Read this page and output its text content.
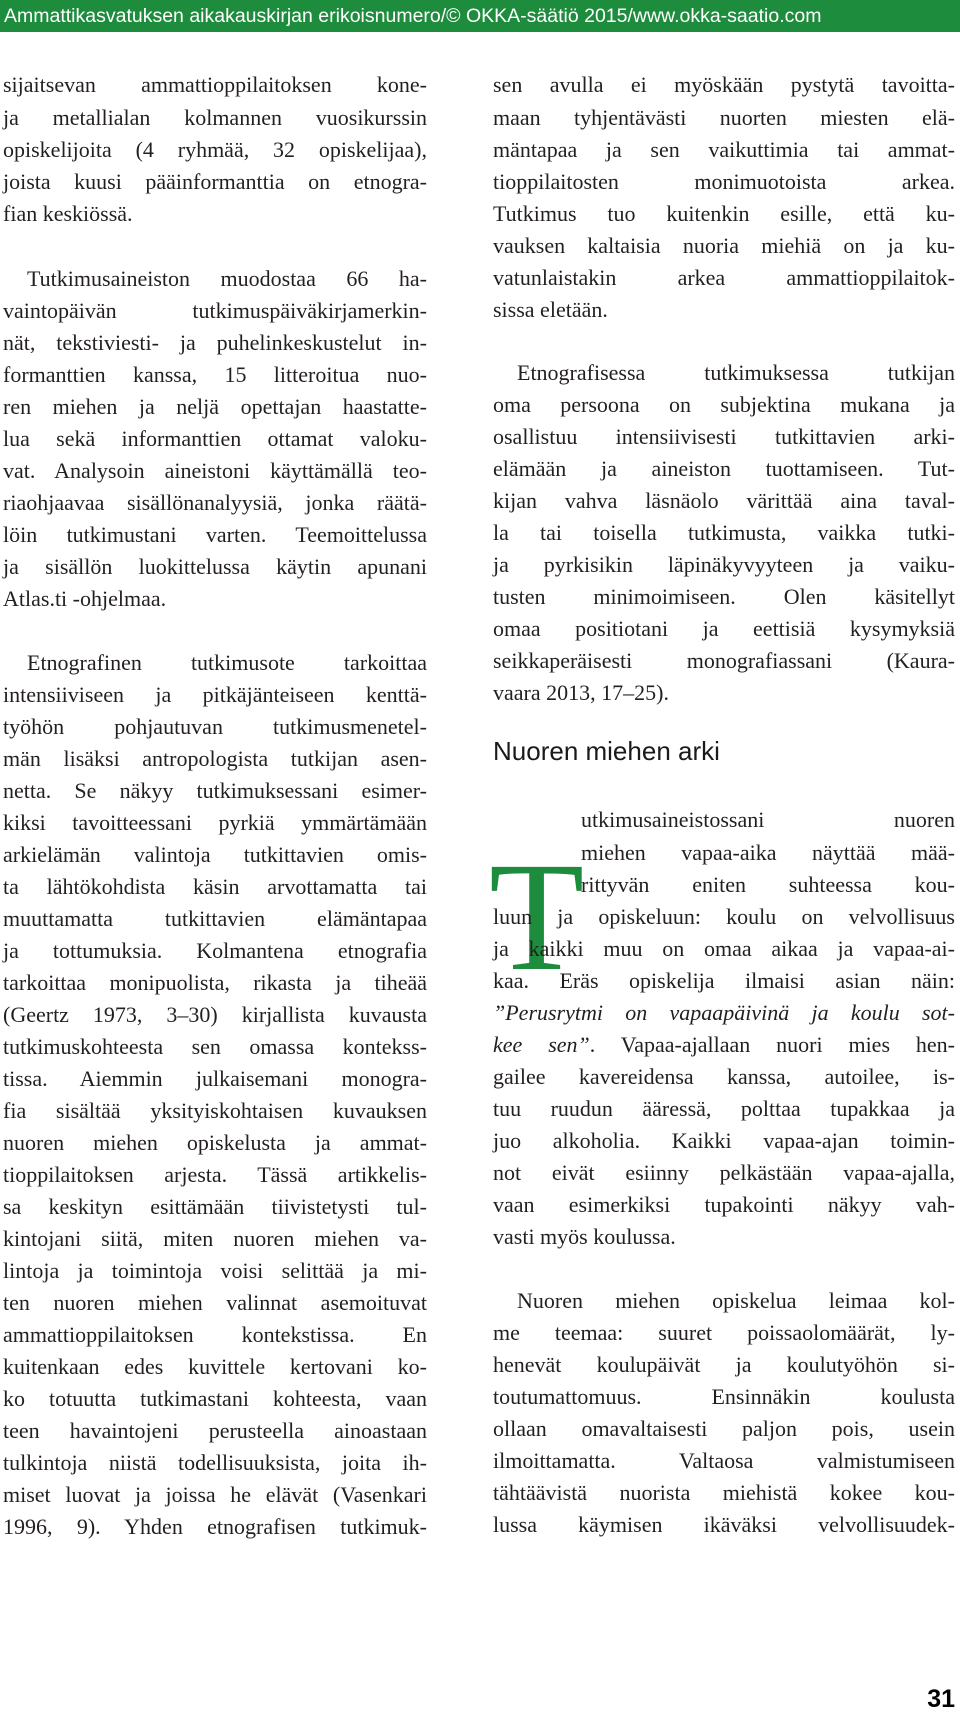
Ammattikasvatuksen aikakauskirjan erikoisnumero/© OKKA-säätiö 2015/www.okka-saatio.com
sijaitsevan ammattioppilaitoksen kone-
ja metallialan kolmannen vuosikurssin
opiskelijoita (4 ryhmää, 32 opiskelijaa),
joista kuusi pääinformanttia on etnogra-
fian keskiössä.
Tutkimusaineiston muodostaa 66 ha-
vaintopäivän tutkimuspäiväkirjamerkin-
nät, tekstiviesti- ja puhelinkeskustelut in-
formanttien kanssa, 15 litteroitua nuo-
ren miehen ja neljä opettajan haastatte-
lua sekä informanttien ottamat valoku-
vat. Analysoin aineistoni käyttämällä teo-
riaohjaavaa sisällönanalyysiä, jonka räätä-
löin tutkimustani varten. Teemoittelussa
ja sisällön luokittelussa käytin apunani
Atlas.ti -ohjelmaa.
Etnografinen tutkimusote tarkoittaa
intensiiviseen ja pitkäjänteiseen kenttä-
työhön pohjautuvan tutkimusmenetel-
män lisäksi antropologista tutkijan asen-
netta. Se näkyy tutkimuksessani esimer-
kiksi tavoitteessani pyrkiä ymmärtämään
arkielämän valintoja tutkittavien omis-
ta lähtökohdista käsin arvottamatta tai
muuttamatta tutkittavien elämäntapaa
ja tottumuksia. Kolmantena etnografia
tarkoittaa monipuolista, rikasta ja tiheää
(Geertz 1973, 3–30) kirjallista kuvausta
tutkimuskohteesta sen omassa kontekss-
tissa. Aiemmin julkaisemani monogra-
fia sisältää yksityiskohtaisen kuvauksen
nuoren miehen opiskelusta ja ammat-
tioppilaitoksen arjesta. Tässä artikkelis-
sa keskityn esittämään tiivistetysti tul-
kintojani siitä, miten nuoren miehen va-
lintoja ja toimintoja voisi selittää ja mi-
ten nuoren miehen valinnat asemoituvat
ammattioppilaitoksen kontekstissa. En
kuitenkaan edes kuvittele kertovani ko-
ko totuutta tutkimastani kohteesta, vaan
teen havaintojeni perusteella ainoastaan
tulkintoja niistä todellisuuksista, joita ih-
miset luovat ja joissa he elävät (Vasenkari
1996, 9). Yhden etnografisen tutkimuk-
Nuoren miehen arki
T
sen avulla ei myöskään pystytä tavoitta-
maan tyhjentävästi nuorten miesten elä-
mäntapaa ja sen vaikuttimia tai ammat-
tioppilaitosten monimuotoista arkea.
Tutkimus tuo kuitenkin esille, että ku-
vauksen kaltaisia nuoria miehiä on ja ku-
vatunlaistakin arkea ammattioppilaitok-
sissa eletään.
Etnografisessa tutkimuksessa tutkijan
oma persoona on subjektina mukana ja
osallistuu intensiivisesti tutkittavien arki-
elämään ja aineiston tuottamiseen. Tut-
kijan vahva läsnäolo värittää aina taval-
la tai toisella tutkimusta, vaikka tutki-
ja pyrkisikin läpinäkyvyyteen ja vaiku-
tusten minimoimiseen. Olen käsitellyt
omaa positiotani ja eettisiä kysymyksiä
seikkaperäisesti monografiassani (Kaura-
vaara 2013, 17–25).
utkimusaineistossani nuoren
miehen vapaa-aika näyttää mää-
rittyvän eniten suhteessa kou-
luun ja opiskeluun: koulu on velvollisuus
ja kaikki muu on omaa aikaa ja vapaa-ai-
kaa. Eräs opiskelija ilmaisi asian näin:
”Perusrytmi on vapaapäivinä ja koulu sot-
kee sen”. Vapaa-ajallaan nuori mies hen-
gailee kavereidensa kanssa, autoilee, is-
tuu ruudun ääressä, polttaa tupakkaa ja
juo alkoholia. Kaikki vapaa-ajan toimin-
not eivät esiinny pelkästään vapaa-ajalla,
vaan esimerkiksi tupakointi näkyy vah-
vasti myös koulussa.
Nuoren miehen opiskelua leimaa kol-
me teemaa: suuret poissaolomäärät, ly-
henevät koulupäivät ja koulutyöhön si-
toutumattomuus. Ensinnäkin koulusta
ollaan omavaltaisesti paljon pois, usein
ilmoittamatta. Valtaosa valmistumiseen
tähtäävistä nuorista miehistä kokee kou-
lussa käymisen ikäväksi velvollisuudek-
31
